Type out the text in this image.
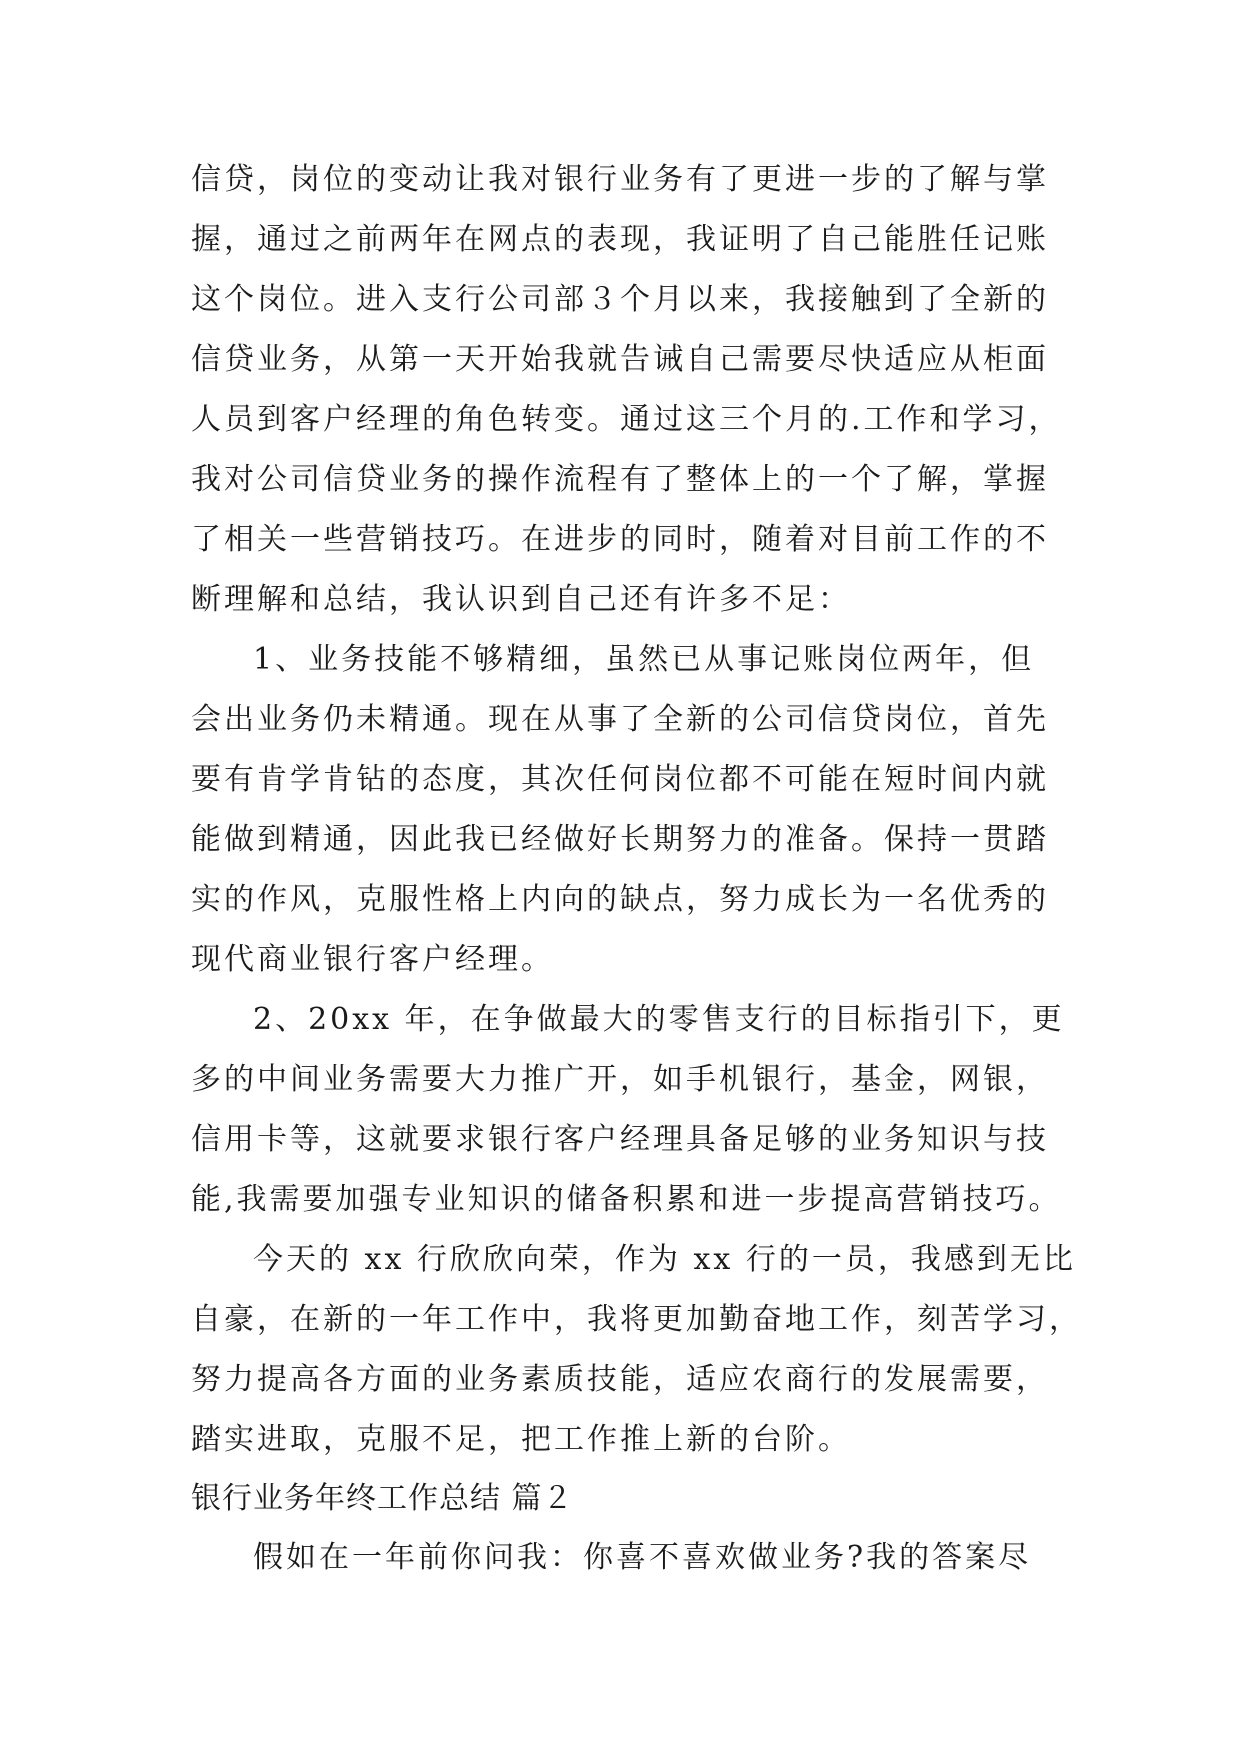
信贷，岗位的变动让我对银行业务有了更进一步的了解与掌
握，通过之前两年在网点的表现，我证明了自己能胜任记账
这个岗位。进入支行公司部３个月以来，我接触到了全新的
信贷业务，从第一天开始我就告诫自己需要尽快适应从柜面
人员到客户经理的角色转变。通过这三个月的.工作和学习，
我对公司信贷业务的操作流程有了整体上的一个了解，掌握
了相关一些营销技巧。在进步的同时，随着对目前工作的不
断理解和总结，我认识到自己还有许多不足：
1、业务技能不够精细，虽然已从事记账岗位两年，但
会出业务仍未精通。现在从事了全新的公司信贷岗位，首先
要有肯学肯钻的态度，其次任何岗位都不可能在短时间内就
能做到精通，因此我已经做好长期努力的准备。保持一贯踏
实的作风，克服性格上内向的缺点，努力成长为一名优秀的
现代商业银行客户经理。
2、20xx 年，在争做最大的零售支行的目标指引下，更
多的中间业务需要大力推广开，如手机银行，基金，网银，
信用卡等，这就要求银行客户经理具备足够的业务知识与技
能,我需要加强专业知识的储备积累和进一步提高营销技巧。
今天的 xx 行欣欣向荣，作为 xx 行的一员，我感到无比
自豪，在新的一年工作中，我将更加勤奋地工作，刻苦学习，
努力提高各方面的业务素质技能，适应农商行的发展需要，
踏实进取，克服不足，把工作推上新的台阶。
银行业务年终工作总结 篇２
假如在一年前你问我：你喜不喜欢做业务?我的答案尽
